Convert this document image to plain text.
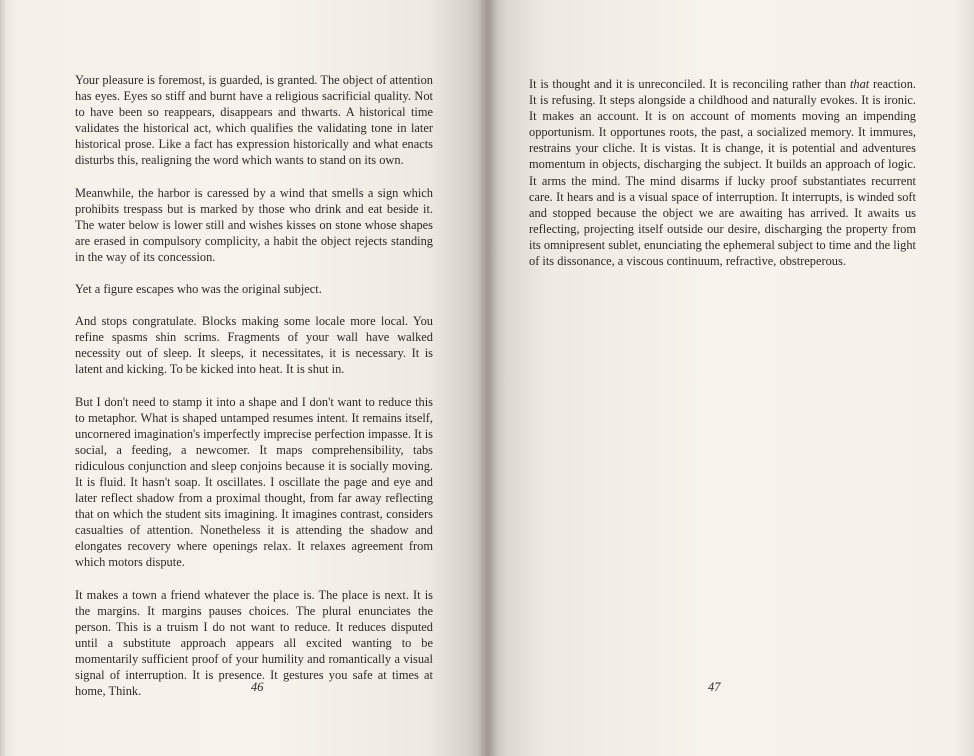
Your pleasure is foremost, is guarded, is granted. The object of attention has eyes. Eyes so stiff and burnt have a religious sacrificial quality. Not to have been so reappears, disappears and thwarts. A historical time validates the historical act, which qualifies the validating tone in later historical prose. Like a fact has expression historically and what enacts disturbs this, realigning the word which wants to stand on its own.

Meanwhile, the harbor is caressed by a wind that smells a sign which prohibits trespass but is marked by those who drink and eat beside it. The water below is lower still and wishes kisses on stone whose shapes are erased in compulsory complicity, a habit the object rejects standing in the way of its concession.

Yet a figure escapes who was the original subject.

And stops congratulate. Blocks making some locale more local. You refine spasms shin scrims. Fragments of your wall have walked necessity out of sleep. It sleeps, it necessitates, it is necessary. It is latent and kicking. To be kicked into heat. It is shut in.

But I don't need to stamp it into a shape and I don't want to reduce this to metaphor. What is shaped untamped resumes intent. It remains itself, uncornered imagination's imperfectly imprecise perfection impasse. It is social, a feeding, a newcomer. It maps comprehensibility, tabs ridiculous conjunction and sleep conjoins because it is socially moving. It is fluid. It hasn't soap. It oscillates. I oscillate the page and eye and later reflect shadow from a proximal thought, from far away reflecting that on which the student sits imagining. It imagines contrast, considers casualties of attention. Nonetheless it is attending the shadow and elongates recovery where openings relax. It relaxes agreement from which motors dispute.

It makes a town a friend whatever the place is. The place is next. It is the margins. It margins pauses choices. The plural enunciates the person. This is a truism I do not want to reduce. It reduces disputed until a substitute approach appears all excited wanting to be momentarily sufficient proof of your humility and romantically a visual signal of interruption. It is presence. It gestures you safe at times at home, Think.	46

It is thought and it is unreconciled. It is reconciling rather than that reaction. It is refusing. It steps alongside a childhood and naturally evokes. It is ironic. It makes an account. It is on account of moments moving an impending opportunism. It opportunes roots, the past, a socialized memory. It immures, restrains your cliche. It is vistas. It is change, it is potential and adventures momentum in objects, discharging the subject. It builds an approach of logic. It arms the mind. The mind disarms if lucky proof substantiates recurrent care. It hears and is a visual space of interruption. It interrupts, is winded soft and stopped because the object we are awaiting has arrived. It awaits us reflecting, projecting itself outside our desire, discharging the property from its omnipresent sublet, enunciating the ephemeral subject to time and the light of its dissonance, a viscous continuum, refractive, obstreperous.

47
